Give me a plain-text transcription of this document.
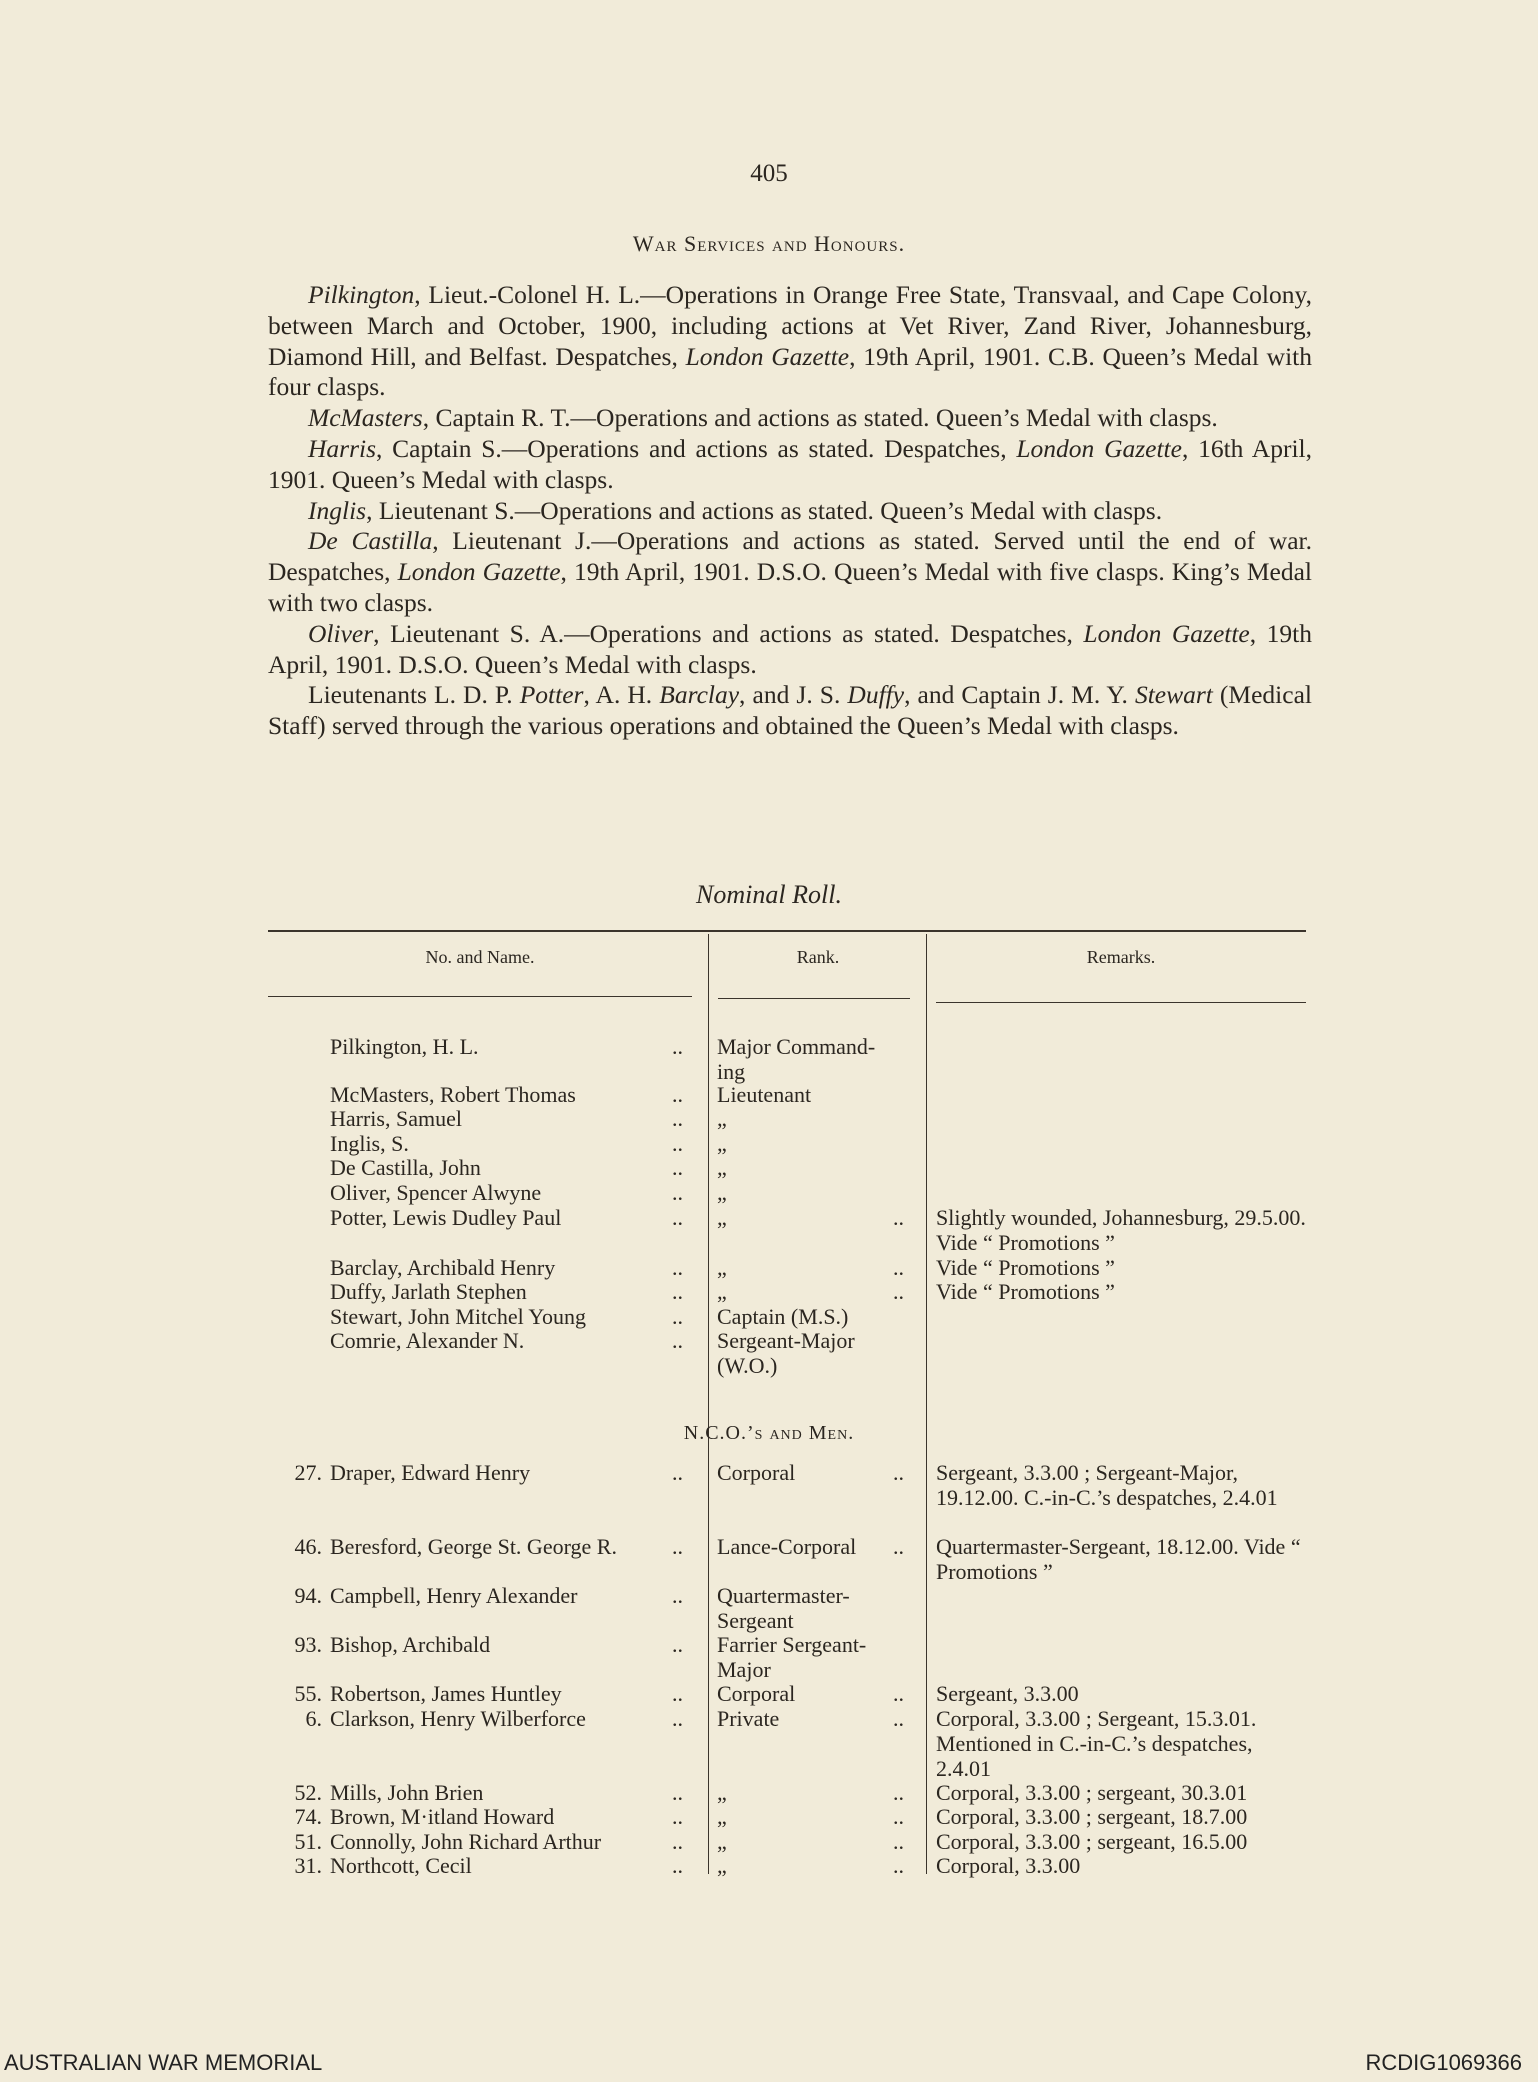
405
War Services and Honours.

Pilkington, Lieut.-Colonel H. L.—Operations in Orange Free State, Transvaal, and Cape Colony, between March and October, 1900, including actions at Vet River, Zand River, Johannesburg, Diamond Hill, and Belfast. Despatches, London Gazette, 19th April, 1901. C.B. Queen’s Medal with four clasps.

McMasters, Captain R. T.—Operations and actions as stated. Queen’s Medal with clasps.

Harris, Captain S.—Operations and actions as stated. Despatches, London Gazette, 16th April, 1901. Queen’s Medal with clasps.

Inglis, Lieutenant S.—Operations and actions as stated. Queen’s Medal with clasps.

De Castilla, Lieutenant J.—Operations and actions as stated. Served until the end of war. Despatches, London Gazette, 19th April, 1901. D.S.O. Queen’s Medal with five clasps. King’s Medal with two clasps.

Oliver, Lieutenant S. A.—Operations and actions as stated. Despatches, London Gazette, 19th April, 1901. D.S.O. Queen’s Medal with clasps.

Lieutenants L. D. P. Potter, A. H. Barclay, and J. S. Duffy, and Captain J. M. Y. Stewart (Medical Staff) served through the various operations and obtained the Queen’s Medal with clasps.

Nominal Roll.
No. and Name.	Rank.	Remarks.
Pilkington, H. L.	.. Major Command-
ing
McMasters, Robert Thomas	.. Lieutenant
Harris, Samuel	.. „
Inglis, S.	.. „
De Castilla, John	.. „
Oliver, Spencer Alwyne	.. „
Potter, Lewis Dudley Paul	.. „	.. Slightly wounded, Johannesburg, 29.5.00. Vide “ Promotions ”
Barclay, Archibald Henry	.. „	.. Vide “ Promotions ”
Duffy, Jarlath Stephen	.. „	.. Vide “ Promotions ”
Stewart, John Mitchel Young	.. Captain (M.S.)
Comrie, Alexander N.	.. Sergeant-Major
(W.O.)
N.C.O.’s and Men.
27. Draper, Edward Henry	.. Corporal	.. Sergeant, 3.3.00 ; Sergeant-Major, 19.12.00. C.-in-C.’s despatches, 2.4.01
46. Beresford, George St. George R.	.. Lance-Corporal	.. Quartermaster-Sergeant, 18.12.00. Vide “ Promotions ”
94. Campbell, Henry Alexander	.. Quartermaster-
Sergeant
93. Bishop, Archibald	.. Farrier Sergeant-
Major
55. Robertson, James Huntley	.. Corporal	.. Sergeant, 3.3.00
6. Clarkson, Henry Wilberforce	.. Private	.. Corporal, 3.3.00 ; Sergeant, 15.3.01. Mentioned in C.-in-C.’s despatches, 2.4.01
52. Mills, John Brien	.. „	.. Corporal, 3.3.00 ; sergeant, 30.3.01
74. Brown, M·itland Howard	.. „	.. Corporal, 3.3.00 ; sergeant, 18.7.00
51. Connolly, John Richard Arthur	.. „	.. Corporal, 3.3.00 ; sergeant, 16.5.00
31. Northcott, Cecil	.. „	.. Corporal, 3.3.00
AUSTRALIAN WAR MEMORIAL	RCDIG1069366
